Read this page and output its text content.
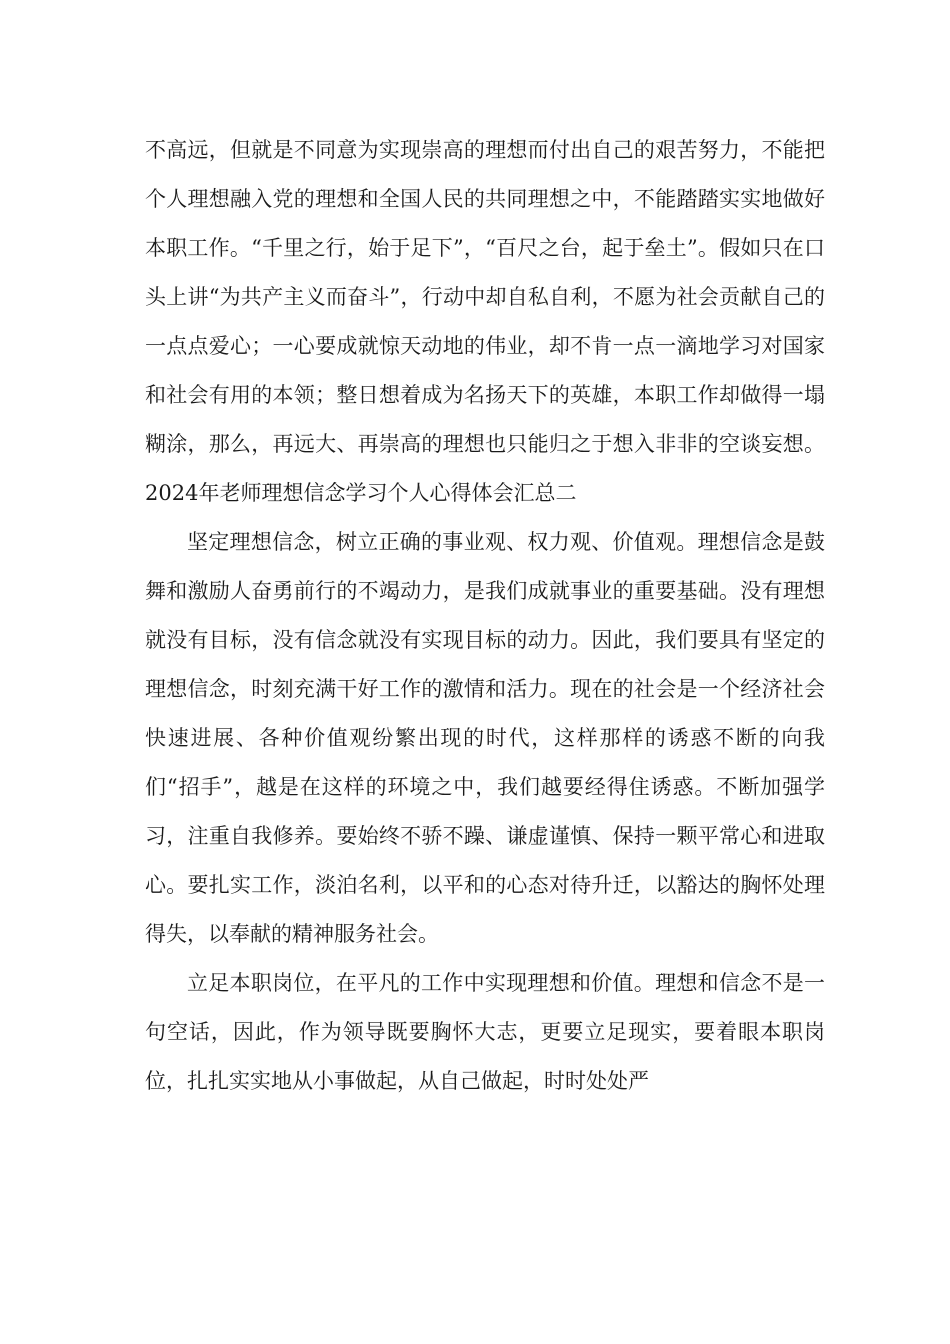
不高远，但就是不同意为实现崇高的理想而付出自己的艰苦努力，不能把个人理想融入党的理想和全国人民的共同理想之中，不能踏踏实实地做好本职工作。“千里之行，始于足下”，“百尺之台，起于垒土”。假如只在口头上讲“为共产主义而奋斗”，行动中却自私自利，不愿为社会贡献自己的一点点爱心；一心要成就惊天动地的伟业，却不肯一点一滴地学习对国家和社会有用的本领；整日想着成为名扬天下的英雄，本职工作却做得一塌糊涂，那么，再远大、再崇高的理想也只能归之于想入非非的空谈妄想。2024年老师理想信念学习个人心得体会汇总二

坚定理想信念，树立正确的事业观、权力观、价值观。理想信念是鼓舞和激励人奋勇前行的不竭动力，是我们成就事业的重要基础。没有理想就没有目标，没有信念就没有实现目标的动力。因此，我们要具有坚定的理想信念，时刻充满干好工作的激情和活力。现在的社会是一个经济社会快速进展、各种价值观纷繁出现的时代，这样那样的诱惑不断的向我们“招手”，越是在这样的环境之中，我们越要经得住诱惑。不断加强学习，注重自我修养。要始终不骄不躁、谦虚谨慎、保持一颗平常心和进取心。要扎实工作，淡泊名利，以平和的心态对待升迁，以豁达的胸怀处理得失，以奉献的精神服务社会。

立足本职岗位，在平凡的工作中实现理想和价值。理想和信念不是一句空话，因此，作为领导既要胸怀大志，更要立足现实，要着眼本职岗位，扎扎实实地从小事做起，从自己做起，时时处处严
